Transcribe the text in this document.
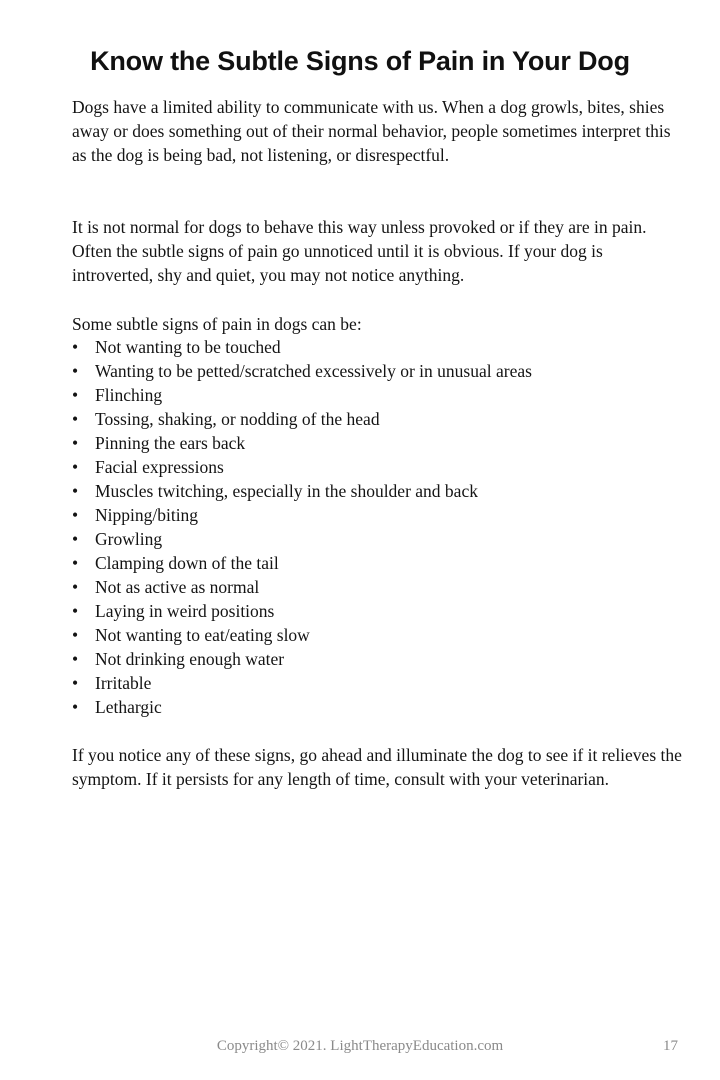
Know the Subtle Signs of Pain in Your Dog

Dogs have a limited ability to communicate with us. When a dog growls, bites, shies away or does something out of their normal behavior, people sometimes interpret this as the dog is being bad, not listening, or disrespectful.

It is not normal for dogs to behave this way unless provoked or if they are in pain. Often the subtle signs of pain go unnoticed until it is obvious. If your dog is introverted, shy and quiet, you may not notice anything.

Some subtle signs of pain in dogs can be:

• Not wanting to be touched
• Wanting to be petted/scratched excessively or in unusual areas
• Flinching
• Tossing, shaking, or nodding of the head
• Pinning the ears back
• Facial expressions
• Muscles twitching, especially in the shoulder and back
• Nipping/biting
• Growling
• Clamping down of the tail
• Not as active as normal
• Laying in weird positions
• Not wanting to eat/eating slow
• Not drinking enough water
• Irritable
• Lethargic

If you notice any of these signs, go ahead and illuminate the dog to see if it relieves the symptom. If it persists for any length of time, consult with your veterinarian.

Copyright© 2021. LightTherapyEducation.com	17
